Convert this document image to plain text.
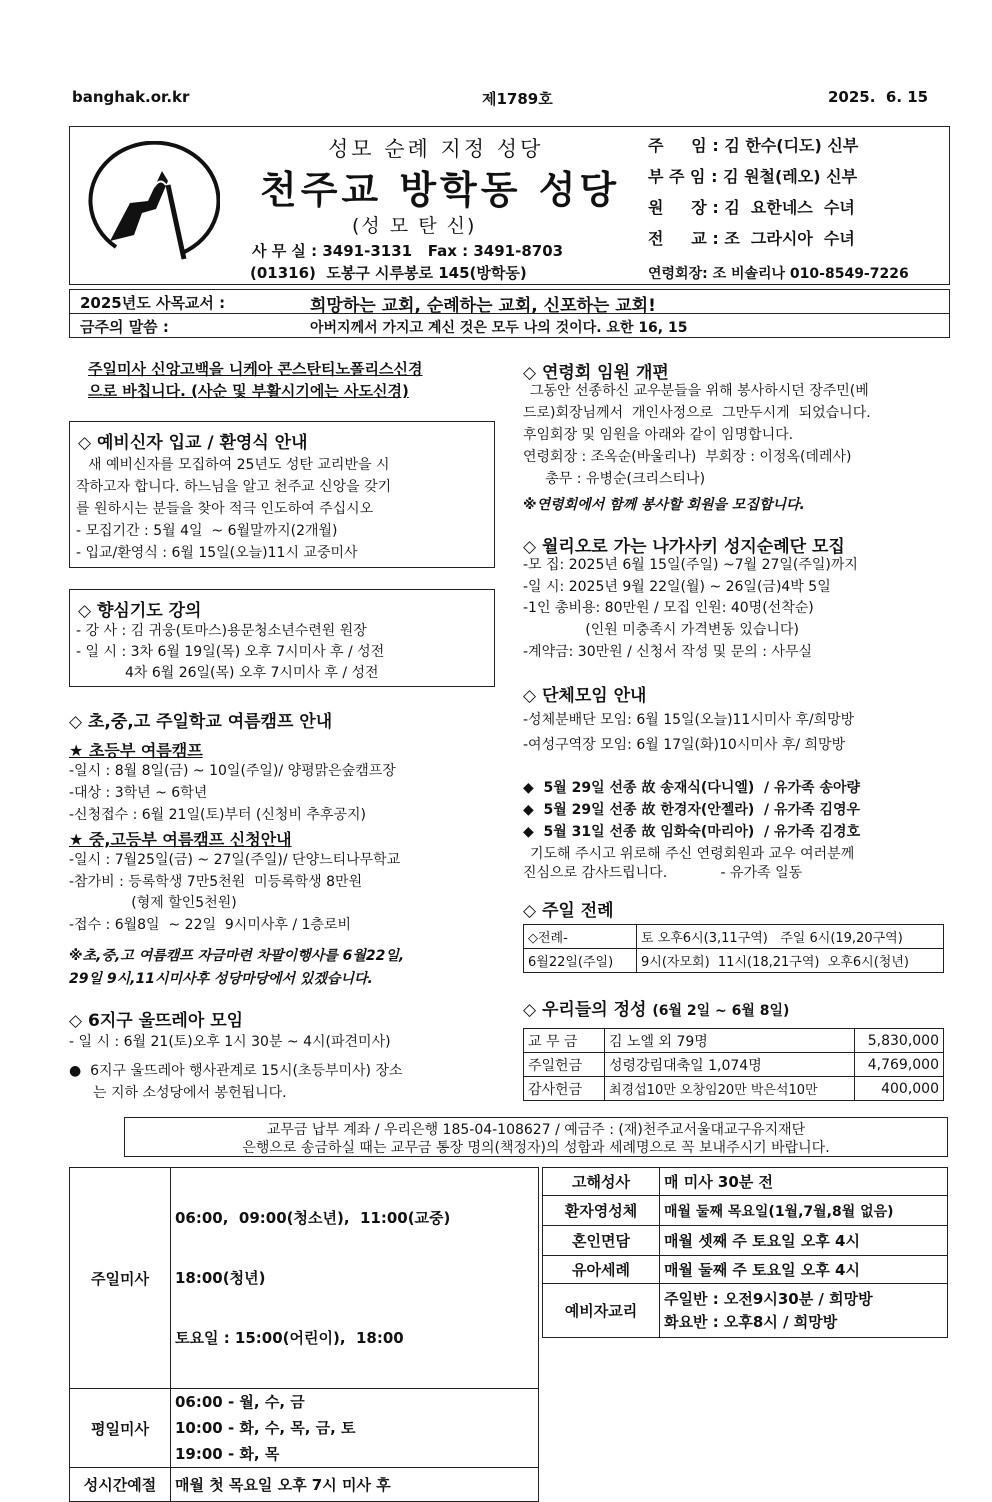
banghak.or.kr	제1789호	2025.  6. 15
성모 순례 지정 성당
천주교 방학동 성당
(성 모 탄 신)
사 무 실 : 3491-3131   Fax : 3491-8703
(01316)  도봉구 시루봉로 145(방학동)
주     임 : 김 한수(디도) 신부
부 주 임 : 김 원철(레오) 신부
원     장 : 김  요한네스  수녀
전     교 : 조  그라시아  수녀
연령회장: 조 비솔리나 010-8549-7226
2025년도 사목교서 :	희망하는 교회, 순례하는 교회, 신포하는 교회!
금주의 말씀 :	아버지께서 가지고 계신 것은 모두 나의 것이다. 요한 16, 15
주일미사 신앙고백을 니케아 콘스탄티노폴리스신경
으로 바칩니다. (사순 및 부활시기에는 사도신경)
◇ 예비신자 입교 / 환영식 안내
새 예비신자를 모집하여 25년도 성탄 교리반을 시
작하고자 합니다. 하느님을 알고 천주교 신앙을 갖기
를 원하시는 분들을 찾아 적극 인도하여 주십시오
- 모집기간 : 5월 4일  ~ 6월말까지(2개월)
- 입교/환영식 : 6월 15일(오늘)11시 교중미사
◇ 향심기도 강의
- 강 사 : 김 귀웅(토마스)용문청소년수련원 원장
- 일 시 : 3차 6월 19일(목) 오후 7시미사 후 / 성전
4차 6월 26일(목) 오후 7시미사 후 / 성전
◇ 초,중,고 주일학교 여름캠프 안내
★ 초등부 여름캠프
-일시 : 8월 8일(금) ~ 10일(주일)/ 양평맑은숲캠프장
-대상 : 3학년 ~ 6학년
-신청접수 : 6월 21일(토)부터 (신청비 추후공지)
★ 중,고등부 여름캠프 신청안내
-일시 : 7월25일(금) ~ 27일(주일)/ 단양느티나무학교
-참가비 : 등록학생 7만5천원  미등록학생 8만원
(형제 할인5천원)
-접수 : 6월8일  ~ 22일  9시미사후 / 1층로비
※초,중,고 여름캠프 자금마련 차팔이행사를 6월22일,
29일 9시,11시미사후 성당마당에서 있겠습니다.
◇ 6지구 울뜨레아 모임
- 일 시 : 6월 21(토)오후 1시 30분 ~ 4시(파견미사)
●  6지구 울뜨레아 행사관계로 15시(초등부미사) 장소
는 지하 소성당에서 봉헌됩니다.
◇ 연령회 임원 개편
그동안 선종하신 교우분들을 위해 봉사하시던 장주민(베
드로)회장님께서  개인사정으로  그만두시게  되었습니다.
후임회장 및 임원을 아래와 같이 임명합니다.
연령회장 : 조옥순(바울리나)  부회장 : 이정옥(데레사)
총무 : 유병순(크리스티나)
※연령회에서 함께 봉사할 회원을 모집합니다.
◇ 월리오로 가는 나가사키 성지순례단 모집
-모 집: 2025년 6월 15일(주일) ~7월 27일(주일)까지
-일 시: 2025년 9월 22일(월) ~ 26일(금)4박 5일
-1인 총비용: 80만원 / 모집 인원: 40명(선착순)
(인원 미충족시 가격변동 있습니다)
-계약금: 30만원 / 신청서 작성 및 문의 : 사무실
◇ 단체모임 안내
-성체분배단 모임: 6월 15일(오늘)11시미사 후/희망방
-여성구역장 모임: 6월 17일(화)10시미사 후/ 희망방
◆  5월 29일 선종 故 송재식(다니엘)  / 유가족 송아량
◆  5월 29일 선종 故 한경자(안젤라)  / 유가족 김영우
◆  5월 31일 선종 故 임화숙(마리아)  / 유가족 김경호
기도해 주시고 위로해 주신 연령회원과 교우 여러분께
진심으로 감사드립니다.            - 유가족 일동
◇ 주일 전례
◇전례-	토 오후6시(3,11구역)   주일 6시(19,20구역)
6월22일(주일)	9시(자모회)  11시(18,21구역)  오후6시(청년)
◇ 우리들의 정성 (6월 2일 ~ 6월 8일)
교 무 금	김 노엘 외 79명	5,830,000
주일헌금	성령강림대축일 1,074명	4,769,000
감사헌금	최경섭10만 오창임20만 박은석10만	400,000
교무금 납부 계좌 / 우리은행 185-04-108627 / 예금주 : (재)천주교서울대교구유지재단
은행으로 송금하실 때는 교무금 통장 명의(책정자)의 성함과 세례명으로 꼭 보내주시기 바랍니다.
주일미사	06:00,  09:00(청소년),  11:00(교중)

18:00(청년)

토요일 : 15:00(어린이),  18:00

평일미사	06:00 - 월, 수, 금
10:00 - 화, 수, 목, 금, 토
19:00 - 화, 목

성시간예절	매월 첫 목요일 오후 7시 미사 후
고해성사	매 미사 30분 전
환자영성체	매월 둘째 목요일(1월,7월,8월 없음)
혼인면담	매월 셋째 주 토요일 오후 4시
유아세례	매월 둘째 주 토요일 오후 4시
예비자교리	주일반 : 오전9시30분 / 희망방
화요반 : 오후8시 / 희망방
